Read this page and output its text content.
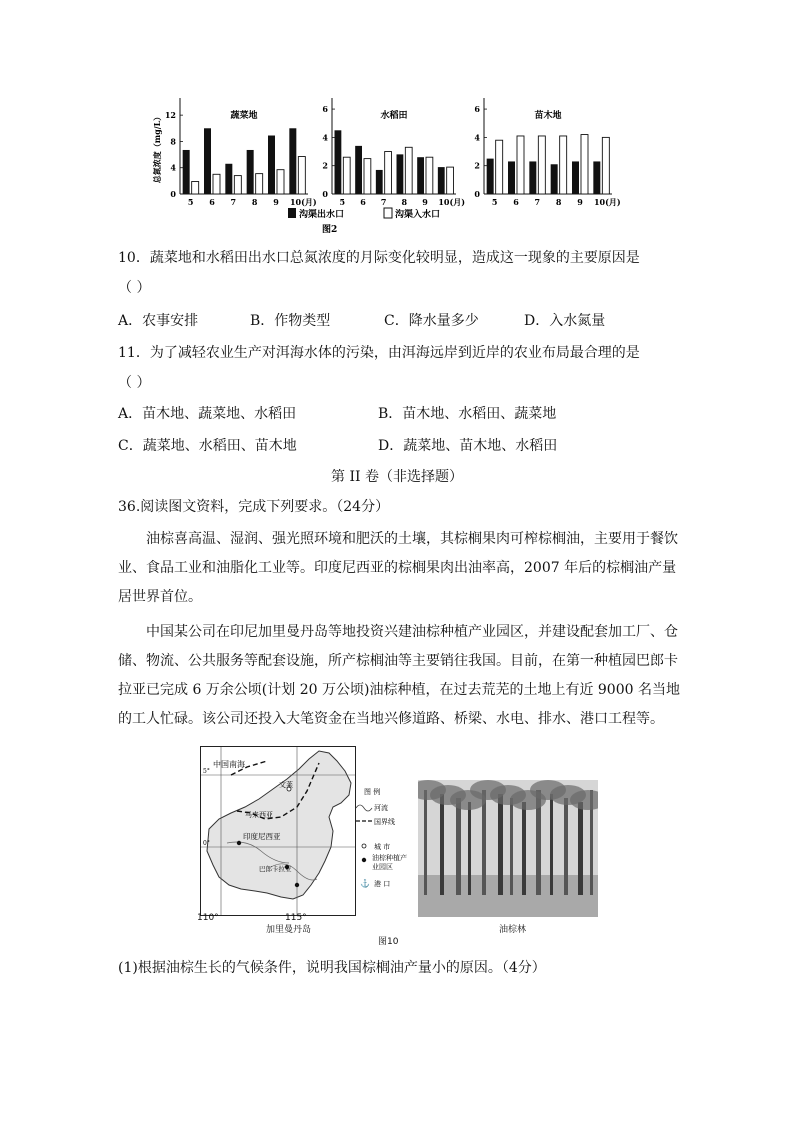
0
4
8
12	蔬菜地
总氮浓度（mg/L）
5 6 7 8 9 10(月)
0
2
4
6
水稻田
5 6 7 8 9 10(月)
0
2
4
6
苗木地
5 6 7 8 9 10(月)
沟渠出水口	沟渠入水口
图2
10．蔬菜地和水稻田出水口总氮浓度的月际变化较明显，造成这一现象的主要原因是
（ ）
A．农事安排	B．作物类型	C．降水量多少	D．入水氮量
11．为了减轻农业生产对洱海水体的污染，由洱海远岸到近岸的农业布局最合理的是
（ ）
A．苗木地、蔬菜地、水稻田	B．苗木地、水稻田、蔬菜地
C．蔬菜地、水稻田、苗木地	D．蔬菜地、苗木地、水稻田
第 II 卷（非选择题）
36.阅读图文资料，完成下列要求。（24分）
油棕喜高温、湿润、强光照环境和肥沃的土壤，其棕榈果肉可榨棕榈油，主要用于餐饮业、食品工业和油脂化工业等。印度尼西亚的棕榈果肉出油率高，2007 年后的棕榈油产量居世界首位。
中国某公司在印尼加里曼丹岛等地投资兴建油棕种植产业园区，并建设配套加工厂、仓储、物流、公共服务等配套设施，所产棕榈油等主要销往我国。目前，在第一种植园巴郎卡拉亚已完成 6 万余公顷(计划 20 万公顷)油棕种植，在过去荒芜的土地上有近 9000 名当地的工人忙碌。该公司还投入大笔资金在当地兴修道路、桥梁、水电、排水、港口工程等。
中国南海
5°
0°
文莱
马来西亚
印度尼西亚
巴郎卡拉亚
110°	115°
加里曼丹岛
图 例
河流
国界线
城 市
油棕种植产业园区
⚓ 港 口
油棕林
图10
(1)根据油棕生长的气候条件，说明我国棕榈油产量小的原因。（4分）
